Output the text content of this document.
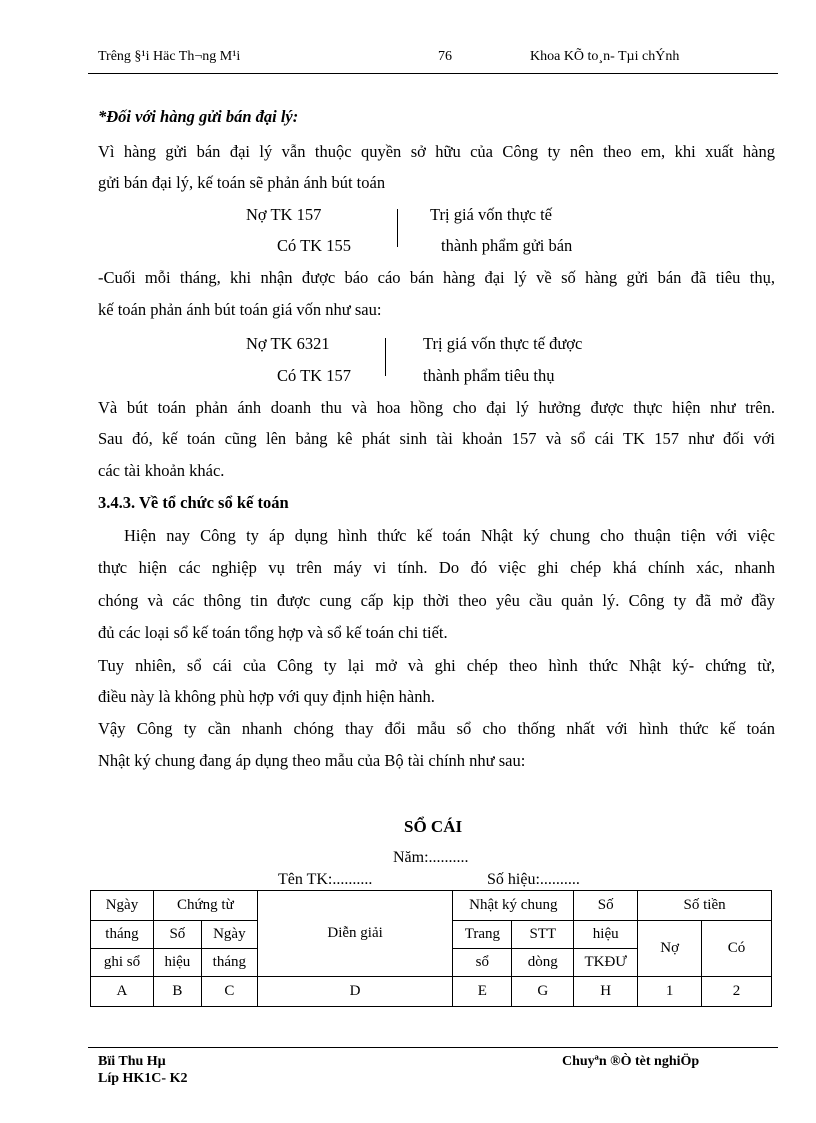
Trêng §¹i Häc Th¬ng M¹i	76	Khoa KÕ to¸n- Tµi chÝnh
*Đối với hàng gửi bán đại lý:
Vì hàng gửi bán đại lý vẫn thuộc quyền sở hữu của Công ty nên theo em, khi xuất hàng
gửi bán đại lý, kế toán sẽ phản ánh bút toán
Nợ TK 157
Có TK 155
Trị giá vốn thực tế
thành phẩm gửi bán
-Cuối mỗi tháng, khi nhận được báo cáo bán hàng đại lý về số hàng gửi bán đã tiêu thụ,
kế toán phản ánh bút toán giá vốn như sau:
Nợ TK 6321
Có TK 157
Trị giá vốn thực tế được
thành phẩm tiêu thụ
Và bút toán phản ánh doanh thu và hoa hồng cho đại lý hưởng được thực hiện như trên.
Sau đó, kế toán cũng lên bảng kê phát sinh tài khoản 157 và sổ cái TK 157 như đối với
các tài khoản khác.
3.4.3. Về tổ chức sổ kế toán
Hiện nay Công ty áp dụng hình thức kế toán Nhật ký chung cho thuận tiện với việc
thực hiện các nghiệp vụ trên máy vi tính. Do đó việc ghi chép khá chính xác, nhanh
chóng và các thông tin được cung cấp kịp thời theo yêu cầu quản lý. Công ty đã mở đầy
đủ các loại sổ kế toán tổng hợp và sổ kế toán chi tiết.
Tuy nhiên, sổ cái của Công ty lại mở và ghi chép theo hình thức Nhật ký- chứng từ,
điều này là không phù hợp với quy định hiện hành.
Vậy Công ty cần nhanh chóng thay đổi mẫu sổ cho thống nhất với hình thức kế toán
Nhật ký chung đang áp dụng theo mẫu của Bộ tài chính như sau:
SỔ CÁI
Năm:..........
Tên TK:..........	Số hiệu:..........
Ngày	Chứng từ		Diễn giải	Nhật ký chung		Số	Số tiền	
tháng	Số	Ngày		Trang	STT	hiệu	Nợ	Có
ghi sổ	hiệu	tháng		sổ	dòng	TKĐƯ		
A	B	C	D	E	G	H	1	2
Bïi Thu Hµ
Líp HK1C- K2
Chuyªn ®Ò tèt nghiÖp
